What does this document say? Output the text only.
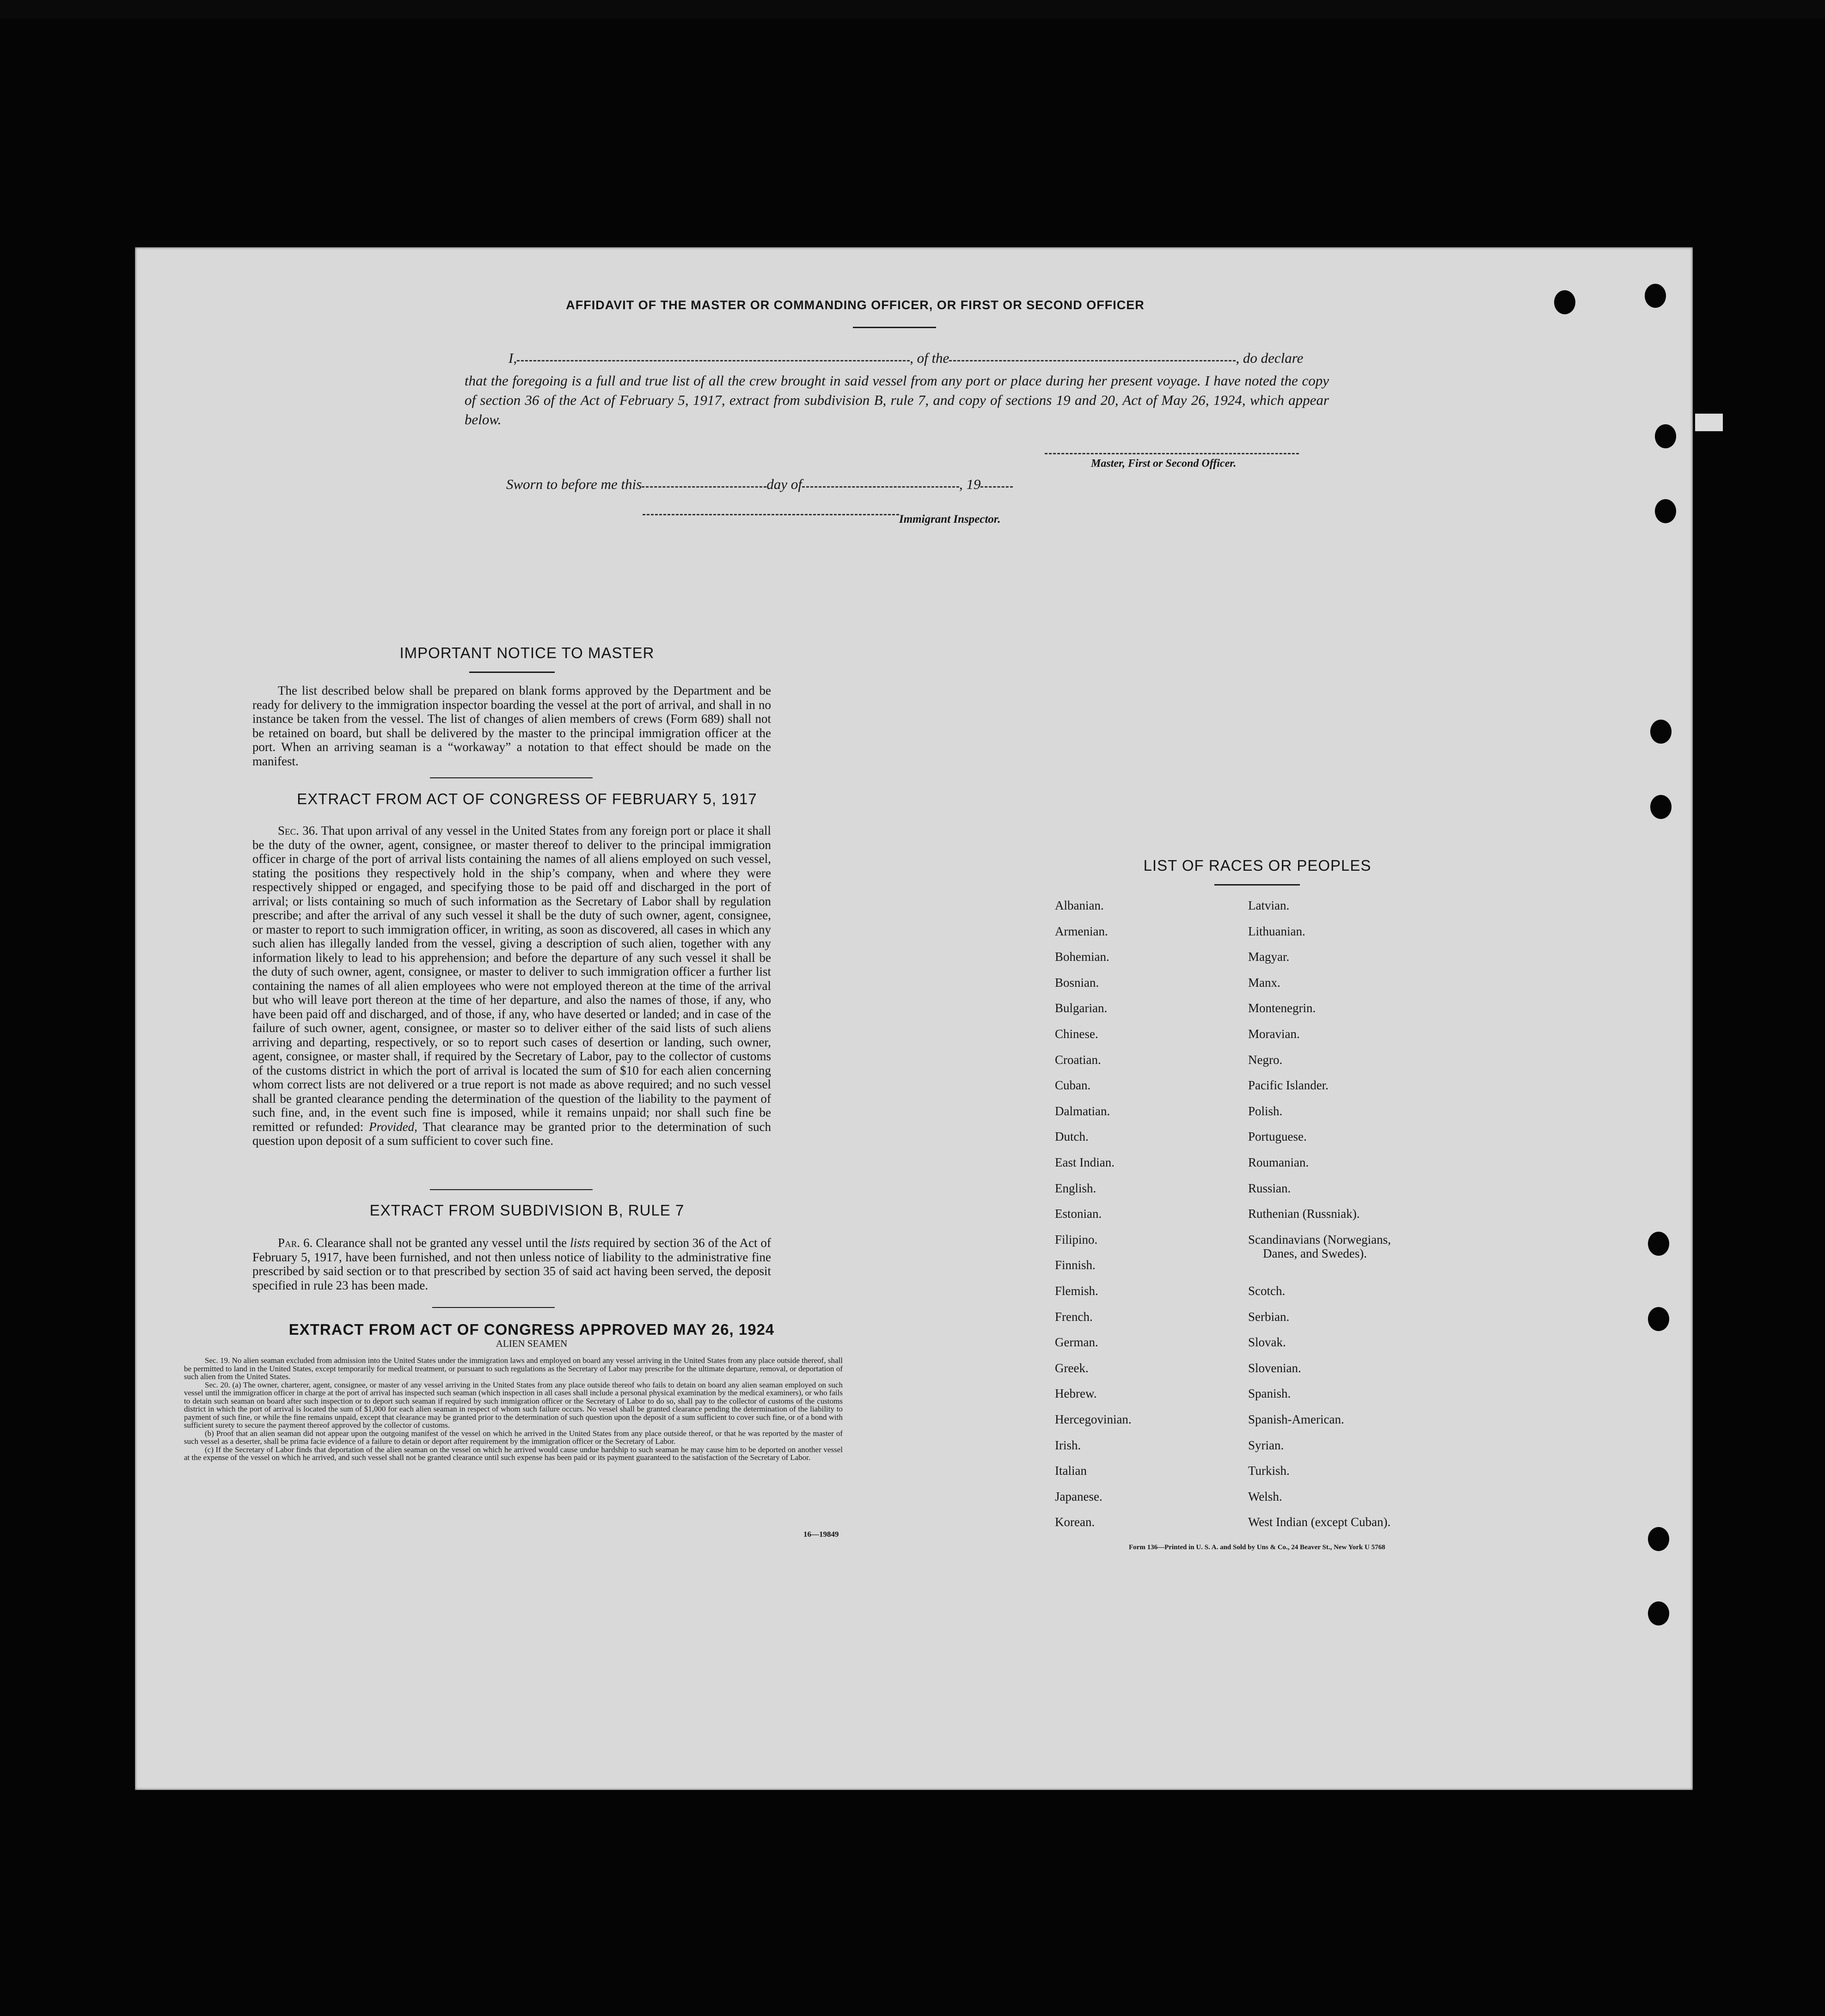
AFFIDAVIT OF THE MASTER OR COMMANDING OFFICER, OR FIRST OR SECOND OFFICER
I,	, of the	, do declare
that the foregoing is a full and true list of all the crew brought in said vessel from any port or place during her present voyage. I have noted the copy of section 36 of the Act of February 5, 1917, extract from subdivision B, rule 7, and copy of sections 19 and 20, Act of May 26, 1924, which appear below.
Master, First or Second Officer.
Sworn to before me this	day of	, 19
Immigrant Inspector.
IMPORTANT NOTICE TO MASTER
The list described below shall be prepared on blank forms approved by the Department and be ready for delivery to the immigration inspector boarding the vessel at the port of arrival, and shall in no instance be taken from the vessel. The list of changes of alien members of crews (Form 689) shall not be retained on board, but shall be delivered by the master to the principal immigration officer at the port. When an arriving seaman is a “workaway” a notation to that effect should be made on the manifest.
EXTRACT FROM ACT OF CONGRESS OF FEBRUARY 5, 1917
Sec. 36. That upon arrival of any vessel in the United States from any foreign port or place it shall be the duty of the owner, agent, consignee, or master thereof to deliver to the principal immigration officer in charge of the port of arrival lists containing the names of all aliens employed on such vessel, stating the positions they respectively hold in the ship’s company, when and where they were respectively shipped or engaged, and specifying those to be paid off and discharged in the port of arrival; or lists containing so much of such information as the Secretary of Labor shall by regulation prescribe; and after the arrival of any such vessel it shall be the duty of such owner, agent, consignee, or master to report to such immigration officer, in writing, as soon as discovered, all cases in which any such alien has illegally landed from the vessel, giving a description of such alien, together with any information likely to lead to his apprehension; and before the departure of any such vessel it shall be the duty of such owner, agent, consignee, or master to deliver to such immigration officer a further list containing the names of all alien employees who were not employed thereon at the time of the arrival but who will leave port thereon at the time of her departure, and also the names of those, if any, who have been paid off and discharged, and of those, if any, who have deserted or landed; and in case of the failure of such owner, agent, consignee, or master so to deliver either of the said lists of such aliens arriving and departing, respectively, or so to report such cases of desertion or landing, such owner, agent, consignee, or master shall, if required by the Secretary of Labor, pay to the collector of customs of the customs district in which the port of arrival is located the sum of $10 for each alien concerning whom correct lists are not delivered or a true report is not made as above required; and no such vessel shall be granted clearance pending the determination of the question of the liability to the payment of such fine, and, in the event such fine is imposed, while it remains unpaid; nor shall such fine be remitted or refunded: Provided, That clearance may be granted prior to the determination of such question upon deposit of a sum sufficient to cover such fine.
EXTRACT FROM SUBDIVISION B, RULE 7
Par. 6. Clearance shall not be granted any vessel until the lists required by section 36 of the Act of February 5, 1917, have been furnished, and not then unless notice of liability to the administrative fine prescribed by said section or to that prescribed by section 35 of said act having been served, the deposit specified in rule 23 has been made.
EXTRACT FROM ACT OF CONGRESS APPROVED MAY 26, 1924
ALIEN SEAMEN
Sec. 19. No alien seaman excluded from admission into the United States under the immigration laws and employed on board any vessel arriving in the United States from any place outside thereof, shall be permitted to land in the United States, except temporarily for medical treatment, or pursuant to such regulations as the Secretary of Labor may prescribe for the ultimate departure, removal, or deportation of such alien from the United States.
Sec. 20. (a) The owner, charterer, agent, consignee, or master of any vessel arriving in the United States from any place outside thereof who fails to detain on board any alien seaman employed on such vessel until the immigration officer in charge at the port of arrival has inspected such seaman (which inspection in all cases shall include a personal physical examination by the medical examiners), or who fails to detain such seaman on board after such inspection or to deport such seaman if required by such immigration officer or the Secretary of Labor to do so, shall pay to the collector of customs of the customs district in which the port of arrival is located the sum of $1,000 for each alien seaman in respect of whom such failure occurs. No vessel shall be granted clearance pending the determination of the liability to payment of such fine, or while the fine remains unpaid, except that clearance may be granted prior to the determination of such question upon the deposit of a sum sufficient to cover such fine, or of a bond with sufficient surety to secure the payment thereof approved by the collector of customs.
(b) Proof that an alien seaman did not appear upon the outgoing manifest of the vessel on which he arrived in the United States from any place outside thereof, or that he was reported by the master of such vessel as a deserter, shall be prima facie evidence of a failure to detain or deport after requirement by the immigration officer or the Secretary of Labor.
(c) If the Secretary of Labor finds that deportation of the alien seaman on the vessel on which he arrived would cause undue hardship to such seaman he may cause him to be deported on another vessel at the expense of the vessel on which he arrived, and such vessel shall not be granted clearance until such expense has been paid or its payment guaranteed to the satisfaction of the Secretary of Labor.
16—19849
LIST OF RACES OR PEOPLES
Albanian.
Armenian.
Bohemian.
Bosnian.
Bulgarian.
Chinese.
Croatian.
Cuban.
Dalmatian.
Dutch.
East Indian.
English.
Estonian.
Filipino.
Finnish.
Flemish.
French.
German.
Greek.
Hebrew.
Hercegovinian.
Irish.
Italian
Japanese.
Korean.
Latvian.
Lithuanian.
Magyar.
Manx.
Montenegrin.
Moravian.
Negro.
Pacific Islander.
Polish.
Portuguese.
Roumanian.
Russian.
Ruthenian (Russniak).
Scandinavians (Norwegians,
Danes, and Swedes).
Scotch.
Serbian.
Slovak.
Slovenian.
Spanish.
Spanish-American.
Syrian.
Turkish.
Welsh.
West Indian (except Cuban).
Form 136—Printed in U. S. A. and Sold by Uns & Co., 24 Beaver St., New York U 5768
